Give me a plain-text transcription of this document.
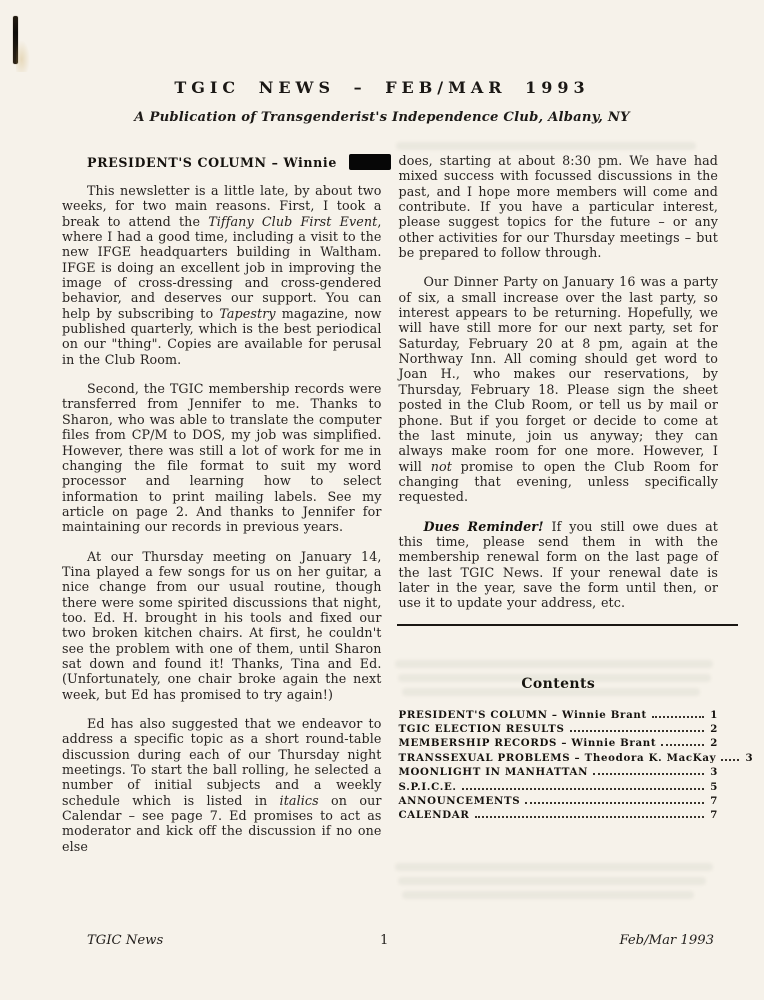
TGIC NEWS – FEB/MAR 1993
A Publication of Transgenderist's Independence Club, Albany, NY
PRESIDENT'S COLUMN – Winnie

This newsletter is a little late, by about two weeks, for two main reasons. First, I took a break to attend the Tiffany Club First Event, where I had a good time, including a visit to the new IFGE headquarters building in Waltham. IFGE is doing an excellent job in improving the image of cross-dressing and cross-gendered behavior, and deserves our support. You can help by subscribing to Tapestry magazine, now published quarterly, which is the best periodical on our "thing". Copies are available for perusal in the Club Room.

Second, the TGIC membership records were transferred from Jennifer to me. Thanks to Sharon, who was able to translate the computer files from CP/M to DOS, my job was simplified. However, there was still a lot of work for me in changing the file format to suit my word processor and learning how to select information to print mailing labels. See my article on page 2. And thanks to Jennifer for maintaining our records in previous years.

At our Thursday meeting on January 14, Tina played a few songs for us on her guitar, a nice change from our usual routine, though there were some spirited discussions that night, too. Ed. H. brought in his tools and fixed our two broken kitchen chairs. At first, he couldn't see the problem with one of them, until Sharon sat down and found it! Thanks, Tina and Ed. (Unfortunately, one chair broke again the next week, but Ed has promised to try again!)

Ed has also suggested that we endeavor to address a specific topic as a short round-table discussion during each of our Thursday night meetings. To start the ball rolling, he selected a number of initial subjects and a weekly schedule which is listed in italics on our Calendar – see page 7. Ed promises to act as moderator and kick off the discussion if no one else

does, starting at about 8:30 pm. We have had mixed success with focussed discussions in the past, and I hope more members will come and contribute. If you have a particular interest, please suggest topics for the future – or any other activities for our Thursday meetings – but be prepared to follow through.

Our Dinner Party on January 16 was a party of six, a small increase over the last party, so interest appears to be returning. Hopefully, we will have still more for our next party, set for Saturday, February 20 at 8 pm, again at the Northway Inn. All coming should get word to Joan H., who makes our reservations, by Thursday, February 18. Please sign the sheet posted in the Club Room, or tell us by mail or phone. But if you forget or decide to come at the last minute, join us anyway; they can always make room for one more. However, I will not promise to open the Club Room for changing that evening, unless specifically requested.

Dues Reminder! If you still owe dues at this time, please send them in with the membership renewal form on the last page of the last TGIC News. If your renewal date is later in the year, save the form until then, or use it to update your address, etc.

Contents
PRESIDENT'S COLUMN – Winnie Brant	1
TGIC ELECTION RESULTS	2
MEMBERSHIP RECORDS – Winnie Brant	2
TRANSSEXUAL PROBLEMS – Theodora K. MacKay	3
MOONLIGHT IN MANHATTAN	3
S.P.I.C.E.	5
ANNOUNCEMENTS	7
CALENDAR	7
TGIC News	1	Feb/Mar 1993
